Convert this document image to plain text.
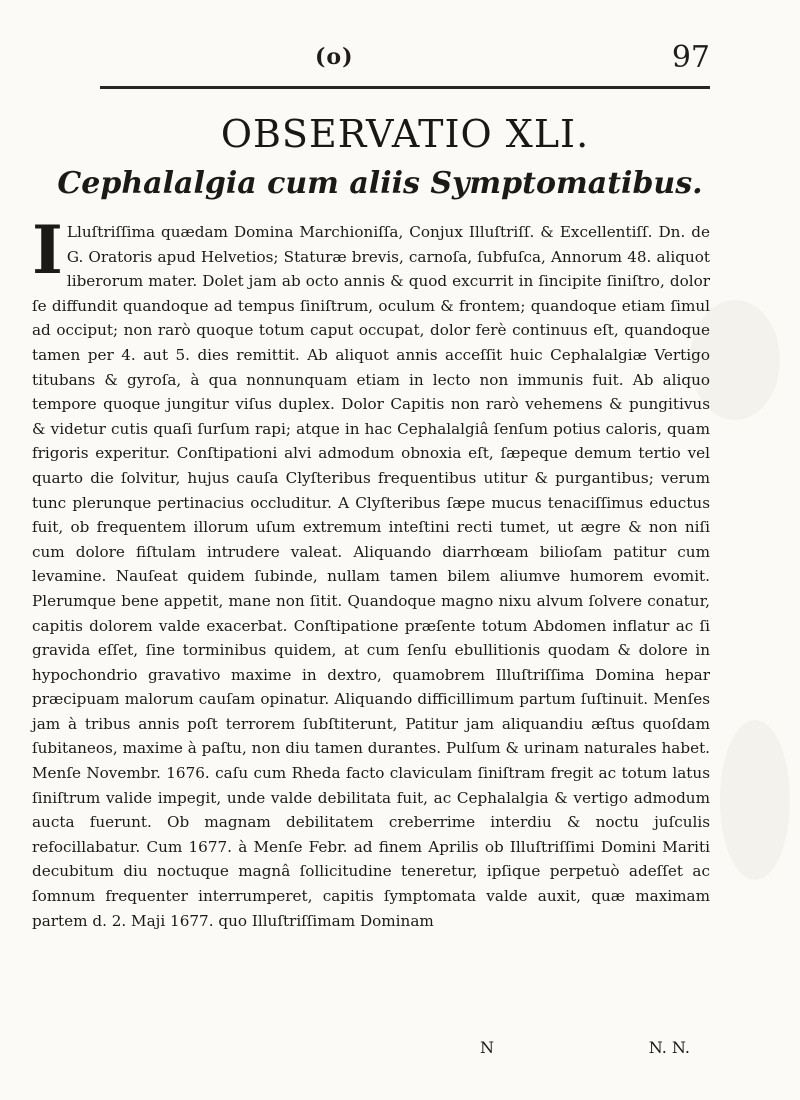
(o)	97
OBSERVATIO XLI.
Cephalalgia cum aliis Symptomatibus.

I Lluſtriſſima quædam Domina Marchioniſſa, Conjux Illuſtriſſ. & Excellentiſſ. Dn. de G. Oratoris apud Helvetios; Staturæ brevis, carnoſa, ſubfuſca, Annorum 48. aliquot liberorum mater. Dolet jam ab octo annis & quod excurrit in ſincipite ſiniſtro, dolor ſe diffundit quandoque ad tempus ſiniſtrum, oculum & frontem; quandoque etiam ſimul ad occiput; non rarò quoque totum caput occupat, dolor ferè continuus eſt, quandoque tamen per 4. aut 5. dies remittit. Ab aliquot annis acceſſit huic Cephalalgiæ Vertigo titubans & gyroſa, à qua nonnunquam etiam in lecto non immunis fuit. Ab aliquo tempore quoque jungitur viſus duplex. Dolor Capitis non rarò vehemens & pungitivus & videtur cutis quaſi ſurſum rapi; atque in hac Cephalalgiâ ſenſum potius caloris, quam frigoris experitur. Conſtipationi alvi admodum obnoxia eſt, ſæpeque demum tertio vel quarto die ſolvitur, hujus cauſa Clyſteribus frequentibus utitur & purgantibus; verum tunc plerunque pertinacius occluditur. A Clyſteribus ſæpe mucus tenaciſſimus eductus fuit, ob frequentem illorum uſum extremum inteſtini recti tumet, ut ægre & non niſi cum dolore fiſtulam intrudere valeat. Aliquando diarrhœam bilioſam patitur cum levamine. Nauſeat quidem ſubinde, nullam tamen bilem aliumve humorem evomit. Plerumque bene appetit, mane non ſitit. Quandoque magno nixu alvum ſolvere conatur, capitis dolorem valde exacerbat. Conſtipatione præſente totum Abdomen inflatur ac ſi gravida eſſet, ſine torminibus quidem, at cum ſenſu ebullitionis quodam & dolore in hypochondrio gravativo maxime in dextro, quamobrem Illuſtriſſima Domina hepar præcipuam malorum cauſam opinatur. Aliquando difficillimum partum ſuſtinuit. Menſes jam à tribus annis poſt terrorem ſubſtiterunt, Patitur jam aliquandiu æſtus quoſdam ſubitaneos, maxime à paſtu, non diu tamen durantes. Pulſum & urinam naturales habet. Menſe Novembr. 1676. caſu cum Rheda facto claviculam ſiniſtram fregit ac totum latus ſiniſtrum valide impegit, unde valde debilitata fuit, ac Cephalalgia & vertigo admodum aucta fuerunt. Ob magnam debilitatem creberrime interdiu & noctu juſculis refocillabatur. Cum 1677. à Menſe Febr. ad finem Aprilis ob Illuſtriſſimi Domini Mariti decubitum diu noctuque magnâ ſollicitudine teneretur, ipſique perpetuò adeſſet ac ſomnum frequenter interrumperet, capitis ſymptomata valde auxit, quæ maximam partem d. 2. Maji 1677. quo Illuſtriſſimam Dominam

N	N. N.
